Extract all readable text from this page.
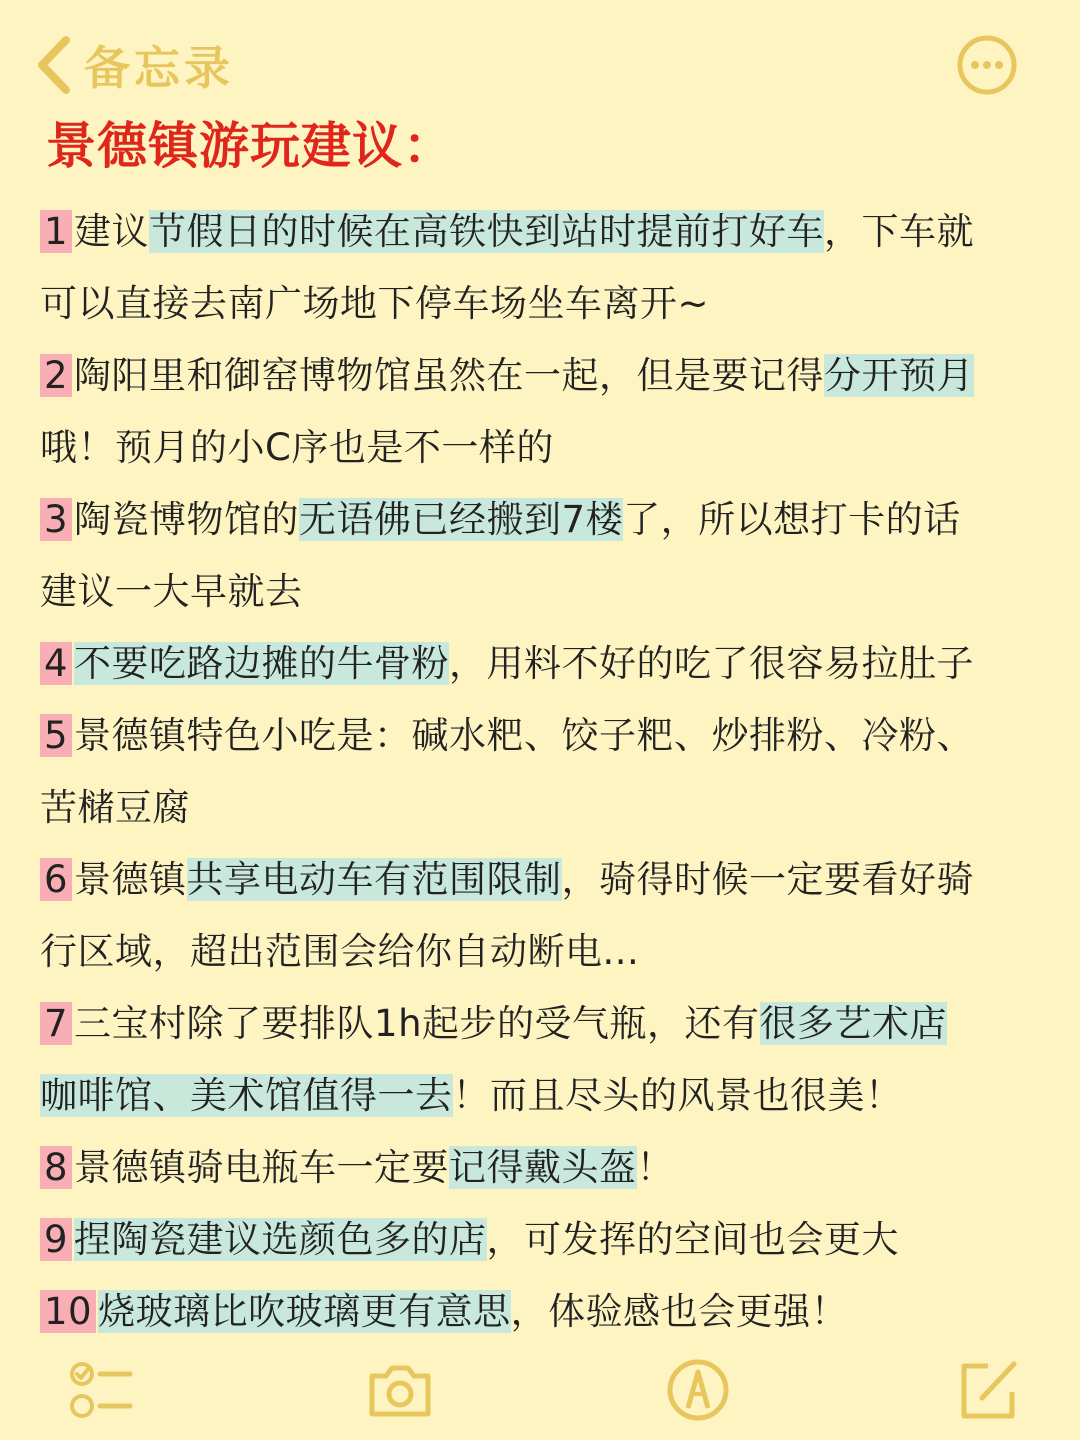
备忘录
景德镇游玩建议：
1 建议节假日的时候在高铁快到站时提前打好车，下车就
可以直接去南广场地下停车场坐车离开~
2 陶阳里和御窑博物馆虽然在一起，但是要记得分开预月
哦！预月的小C序也是不一样的
3 陶瓷博物馆的无语佛已经搬到7楼了，所以想打卡的话
建议一大早就去
4 不要吃路边摊的牛骨粉，用料不好的吃了很容易拉肚子
5 景德镇特色小吃是：碱水粑、饺子粑、炒排粉、冷粉、
苦槠豆腐
6 景德镇共享电动车有范围限制，骑得时候一定要看好骑
行区域，超出范围会给你自动断电...
7 三宝村除了要排队1h起步的受气瓶，还有很多艺术店
咖啡馆、美术馆值得一去！而且尽头的风景也很美！
8 景德镇骑电瓶车一定要记得戴头盔！
9 捏陶瓷建议选颜色多的店，可发挥的空间也会更大
10 烧玻璃比吹玻璃更有意思，体验感也会更强！
